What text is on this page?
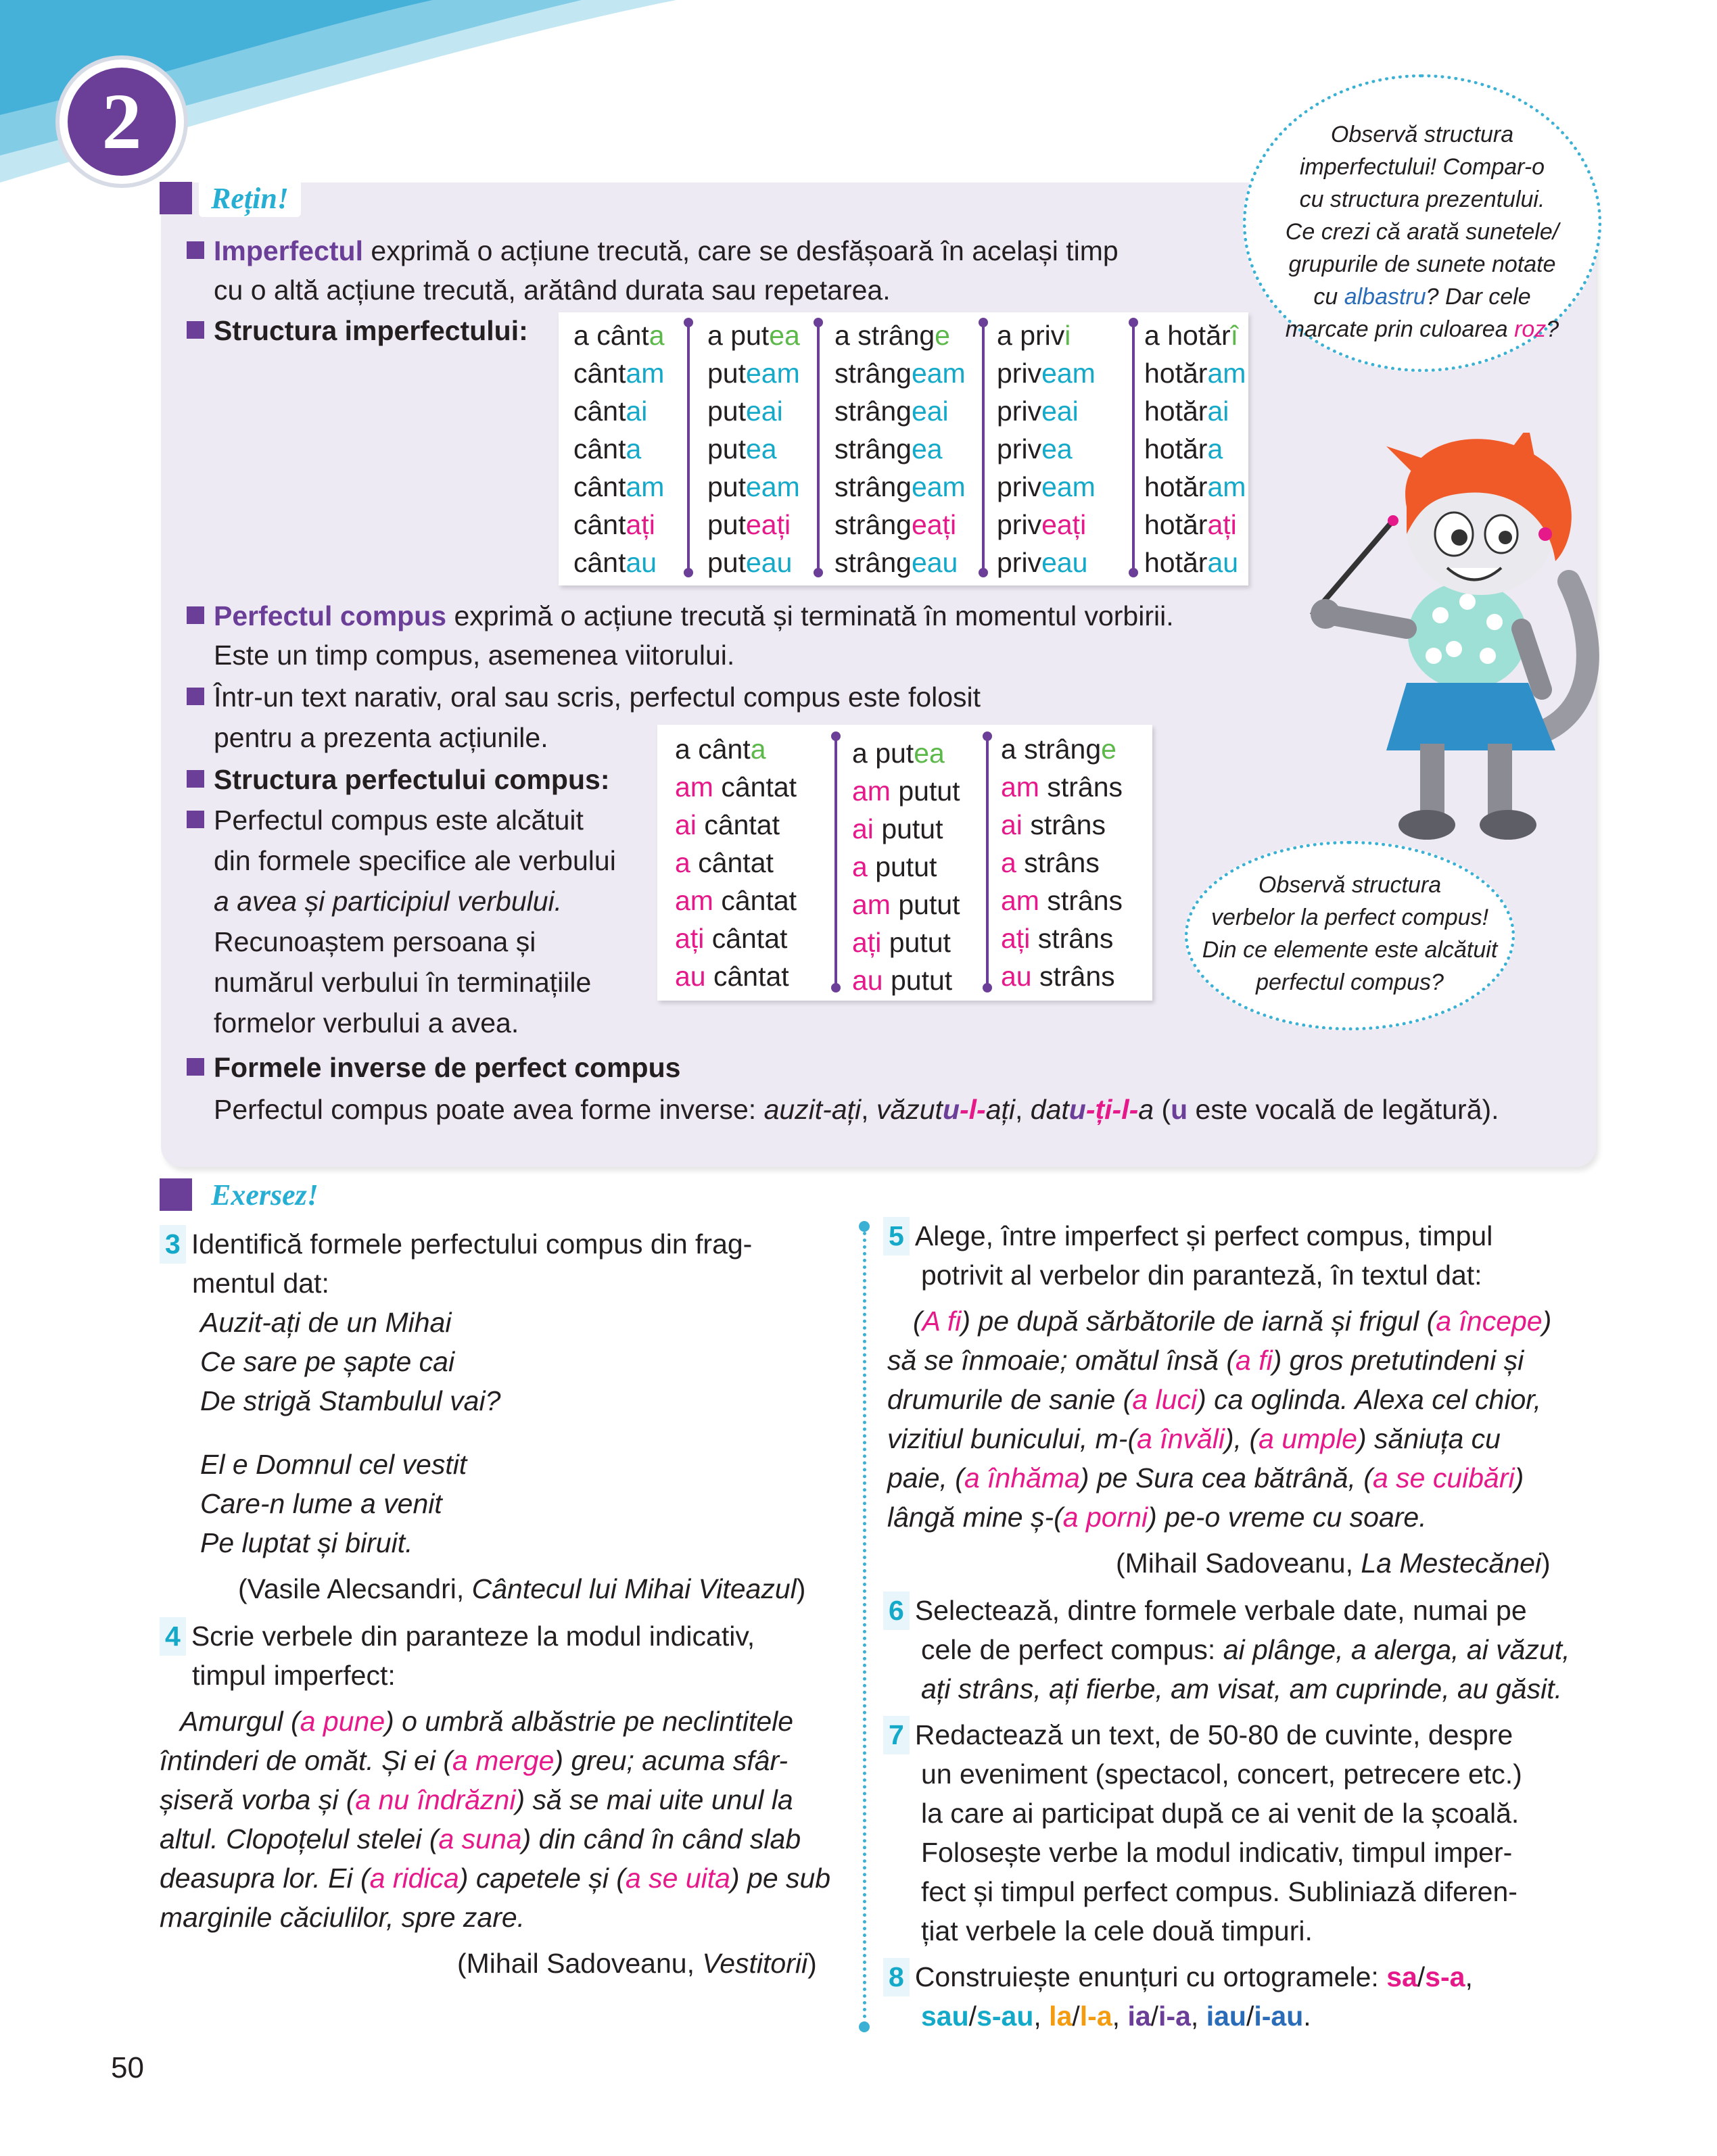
2
Rețin!
Imperfectul exprimă o acțiune trecută, care se desfășoară în același timp
cu o altă acțiune trecută, arătând durata sau repetarea.
Structura imperfectului: a cânta
cântam
cântai
cânta
cântam
cântați
cântau
a putea
puteam
puteai
putea
puteam
puteați
puteau
a strânge
strângeam
strângeai
strângea
strângeam
strângeați
strângeau
a privi
priveam
priveai
privea
priveam
priveați
priveau
a hotărî
hotăram
hotărai
hotăra
hotăram
hotărați
hotărau
Perfectul compus exprimă o acțiune trecută și terminată în momentul vorbirii.
Este un timp compus, asemenea viitorului.
Într-un text narativ, oral sau scris, perfectul compus este folosit
pentru a prezenta acțiunile.
Structura perfectului compus:
Perfectul compus este alcătuit
din formele specifice ale verbului
a avea și participiul verbului.
Recunoaștem persoana și
numărul verbului în terminațiile
formelor verbului a avea.
a cânta
am cântat
ai cântat
a cântat
am cântat
ați cântat
au cântat
a putea
am putut
ai putut
a putut
am putut
ați putut
au putut
a strânge
am strâns
ai strâns
a strâns
am strâns
ați strâns
au strâns
Formele inverse de perfect compus
Perfectul compus poate avea forme inverse: auzit-ați, văzutu-l-ați, datu-ți-l-a (u este vocală de legătură).
Observă structura
imperfectului! Compar-o
cu structura prezentului.
Ce crezi că arată sunetele/
grupurile de sunete notate
cu albastru? Dar cele
marcate prin culoarea roz?
Observă structura
verbelor la perfect compus!
Din ce elemente este alcătuit
perfectul compus?
Exersez!
3 Identifică formele perfectului compus din frag-
mentul dat:
Auzit-ați de un Mihai
Ce sare pe șapte cai
De strigă Stambulul vai?
El e Domnul cel vestit
Care-n lume a venit
Pe luptat și biruit.
(Vasile Alecsandri, Cântecul lui Mihai Viteazul)
4 Scrie verbele din paranteze la modul indicativ,
timpul imperfect:
Amurgul (a pune) o umbră albăstrie pe neclintitele
întinderi de omăt. Și ei (a merge) greu; acuma sfâr-
șiseră vorba și (a nu îndrăzni) să se mai uite unul la
altul. Clopoțelul stelei (a suna) din când în când slab
deasupra lor. Ei (a ridica) capetele și (a se uita) pe sub
marginile căciulilor, spre zare.
(Mihail Sadoveanu, Vestitorii)
5 Alege, între imperfect și perfect compus, timpul
potrivit al verbelor din paranteză, în textul dat:
(A fi) pe după sărbătorile de iarnă și frigul (a începe)
să se înmoaie; omătul însă (a fi) gros pretutindeni și
drumurile de sanie (a luci) ca oglinda. Alexa cel chior,
vizitiul bunicului, m-(a învăli), (a umple) săniuța cu
paie, (a înhăma) pe Sura cea bătrână, (a se cuibări)
lângă mine ș-(a porni) pe-o vreme cu soare.
(Mihail Sadoveanu, La Mestecănei)
6 Selectează, dintre formele verbale date, numai pe
cele de perfect compus: ai plânge, a alerga, ai văzut,
ați strâns, ați fierbe, am visat, am cuprinde, au găsit.
7 Redactează un text, de 50-80 de cuvinte, despre
un eveniment (spectacol, concert, petrecere etc.)
la care ai participat după ce ai venit de la școală.
Folosește verbe la modul indicativ, timpul imper-
fect și timpul perfect compus. Subliniază diferen-
țiat verbele la cele două timpuri.
8 Construiește enunțuri cu ortogramele: sa/s-a,
sau/s-au, la/l-a, ia/i-a, iau/i-au.
50
